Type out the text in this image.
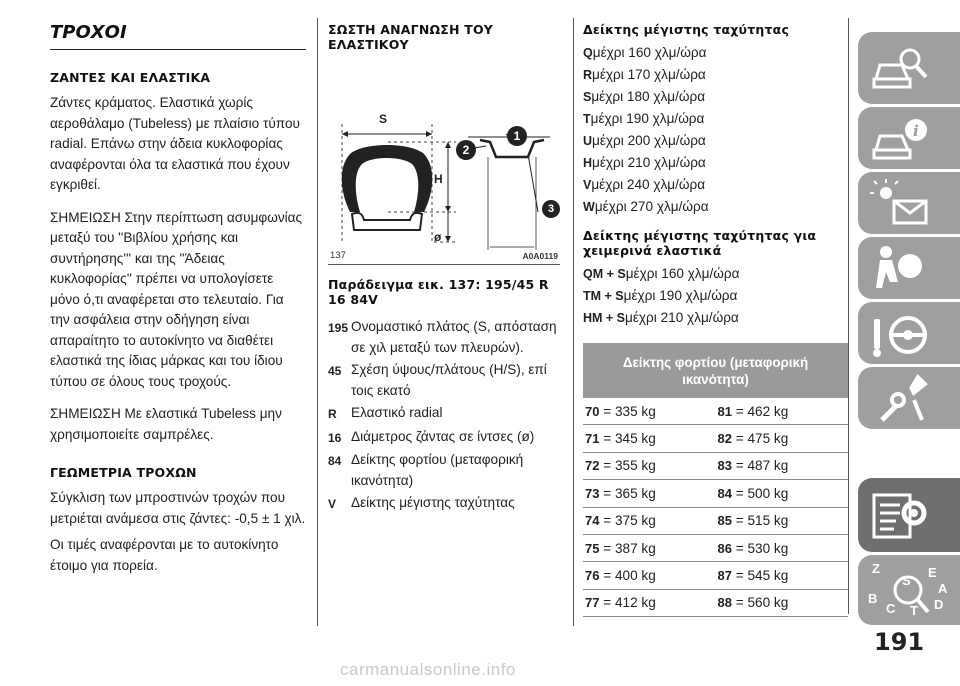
ΤΡΟΧΟΙ
ΖΑΝΤΕΣ ΚΑΙ ΕΛΑΣΤΙΚΑ

Ζάντες κράματος. Ελαστικά χωρίς αεροθάλαμο (Tubeless) με πλαίσιο τύπου radial. Επάνω στην άδεια κυκλοφορίας αναφέρονται όλα τα ελαστικά που έχουν εγκριθεί.

ΣΗΜΕΙΩΣΗ Στην περίπτωση ασυμφωνίας μεταξύ του ''Βιβλίου χρήσης και συντήρησης''' και της ''Άδειας κυκλοφορίας'' πρέπει να υπολογίσετε μόνο ό,τι αναφέρεται στο τελευταίο. Για την ασφάλεια στην οδήγηση είναι απαραίτητο το αυτοκίνητο να διαθέτει ελαστικά της ίδιας μάρκας και του ίδιου τύπου σε όλους τους τροχούς.

ΣΗΜΕΙΩΣΗ Με ελαστικά Tubeless μην χρησιμοποιείτε σαμπρέλες.

ΓΕΩΜΕΤΡΙΑ ΤΡΟΧΩΝ

Σύγκλιση των μπροστινών τροχών που μετριέται ανάμεσα στις ζάντες: -0,5 ± 1 χιλ.

Οι τιμές αναφέρονται με το αυτοκίνητο έτοιμο για πορεία.

ΣΩΣΤΗ ΑΝΑΓΝΩΣΗ ΤΟΥ ΕΛΑΣΤΙΚΟΥ
S
H
ø
1
2
3
137	A0A0119
Παράδειγμα εικ. 137: 195/45 R 16 84V
195 Ονομαστικό πλάτος (S, απόσταση σε χιλ μεταξύ των πλευρών).
45 Σχέση ύψους/πλάτους (H/S), επί τοις εκατό
R	Ελαστικό radial
16 Διάμετρος ζάντας σε ίντσες (ø)
84 Δείκτης φορτίου (μεταφορική ικανότητα)
V	Δείκτης μέγιστης ταχύτητας
Δείκτης μέγιστης ταχύτητας
Qμέχρι 160 χλμ/ώρα
Rμέχρι 170 χλμ/ώρα
Sμέχρι 180 χλμ/ώρα
Tμέχρι 190 χλμ/ώρα
Uμέχρι 200 χλμ/ώρα
Hμέχρι 210 χλμ/ώρα
Vμέχρι 240 χλμ/ώρα
Wμέχρι 270 χλμ/ώρα
Δείκτης μέγιστης ταχύτητας για χειμερινά ελαστικά
QM + Sμέχρι 160 χλμ/ώρα
TM + Sμέχρι 190 χλμ/ώρα
HM + Sμέχρι 210 χλμ/ώρα
Δείκτης φορτίου (μεταφορική ικανότητα)
70 = 335 kg	81 = 462 kg
71 = 345 kg	82 = 475 kg
72 = 355 kg	83 = 487 kg
73 = 365 kg	84 = 500 kg
74 = 375 kg	85 = 515 kg
75 = 387 kg	86 = 530 kg
76 = 400 kg	87 = 545 kg
77 = 412 kg	88 = 560 kg
i
Z
S
E
A
B
C T D
191
carmanualsonline.info
